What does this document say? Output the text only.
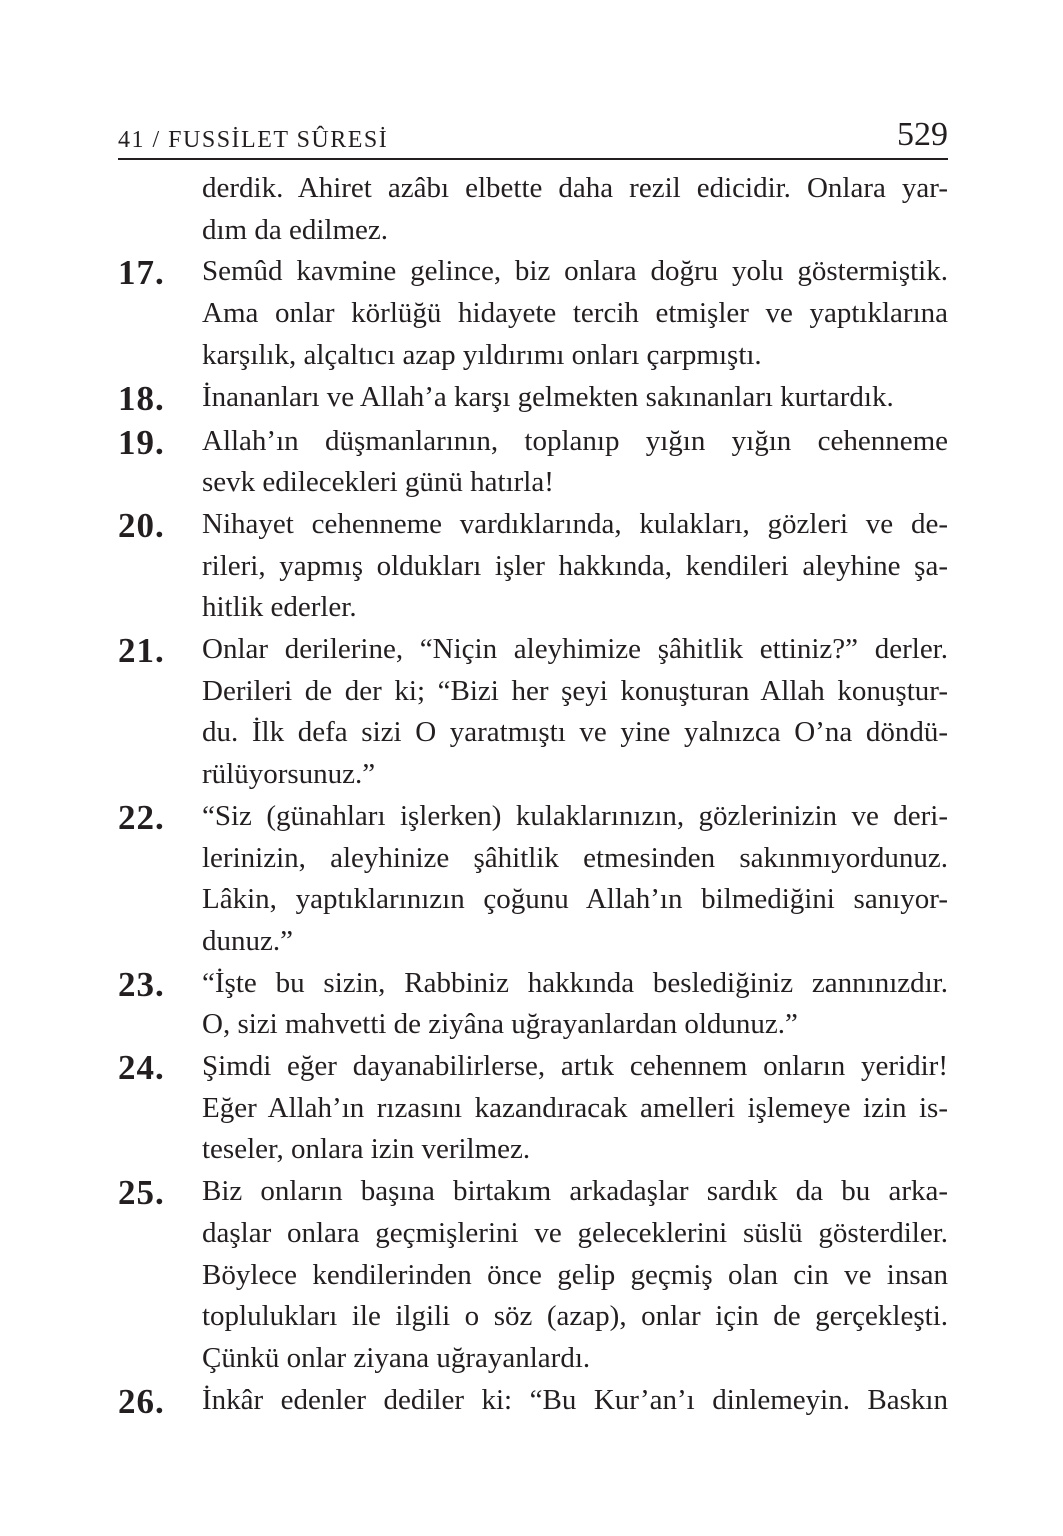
41 / FUSSİLET SÛRESİ	529
derdik. Ahiret azâbı elbette daha rezil edicidir. Onlara yar-
dım da edilmez.
17.	Semûd kavmine gelince, biz onlara doğru yolu göstermiştik.
Ama onlar körlüğü hidayete tercih etmişler ve yaptıklarına
karşılık, alçaltıcı azap yıldırımı onları çarpmıştı.
18.	İnananları ve Allah’a karşı gelmekten sakınanları kurtardık.
19.	Allah’ın düşmanlarının, toplanıp yığın yığın cehenneme
sevk edilecekleri günü hatırla!
20.	Nihayet cehenneme vardıklarında, kulakları, gözleri ve de-
rileri, yapmış oldukları işler hakkında, kendileri aleyhine şa-
hitlik ederler.
21.	Onlar derilerine, “Niçin aleyhimize şâhitlik ettiniz?” derler.
Derileri de der ki; “Bizi her şeyi konuşturan Allah konuştur-
du. İlk defa sizi O yaratmıştı ve yine yalnızca O’na döndü-
rülüyorsunuz.”
22.	“Siz (günahları işlerken) kulaklarınızın, gözlerinizin ve deri-
lerinizin, aleyhinize şâhitlik etmesinden sakınmıyordunuz.
Lâkin, yaptıklarınızın çoğunu Allah’ın bilmediğini sanıyor-
dunuz.”
23.	“İşte bu sizin, Rabbiniz hakkında beslediğiniz zannınızdır.
O, sizi mahvetti de ziyâna uğrayanlardan oldunuz.”
24.	Şimdi eğer dayanabilirlerse, artık cehennem onların yeridir!
Eğer Allah’ın rızasını kazandıracak amelleri işlemeye izin is-
teseler, onlara izin verilmez.
25.	Biz onların başına birtakım arkadaşlar sardık da bu arka-
daşlar onlara geçmişlerini ve geleceklerini süslü gösterdiler.
Böylece kendilerinden önce gelip geçmiş olan cin ve insan
toplulukları ile ilgili o söz (azap), onlar için de gerçekleşti.
Çünkü onlar ziyana uğrayanlardı.
26.	İnkâr edenler dediler ki: “Bu Kur’an’ı dinlemeyin. Baskın
